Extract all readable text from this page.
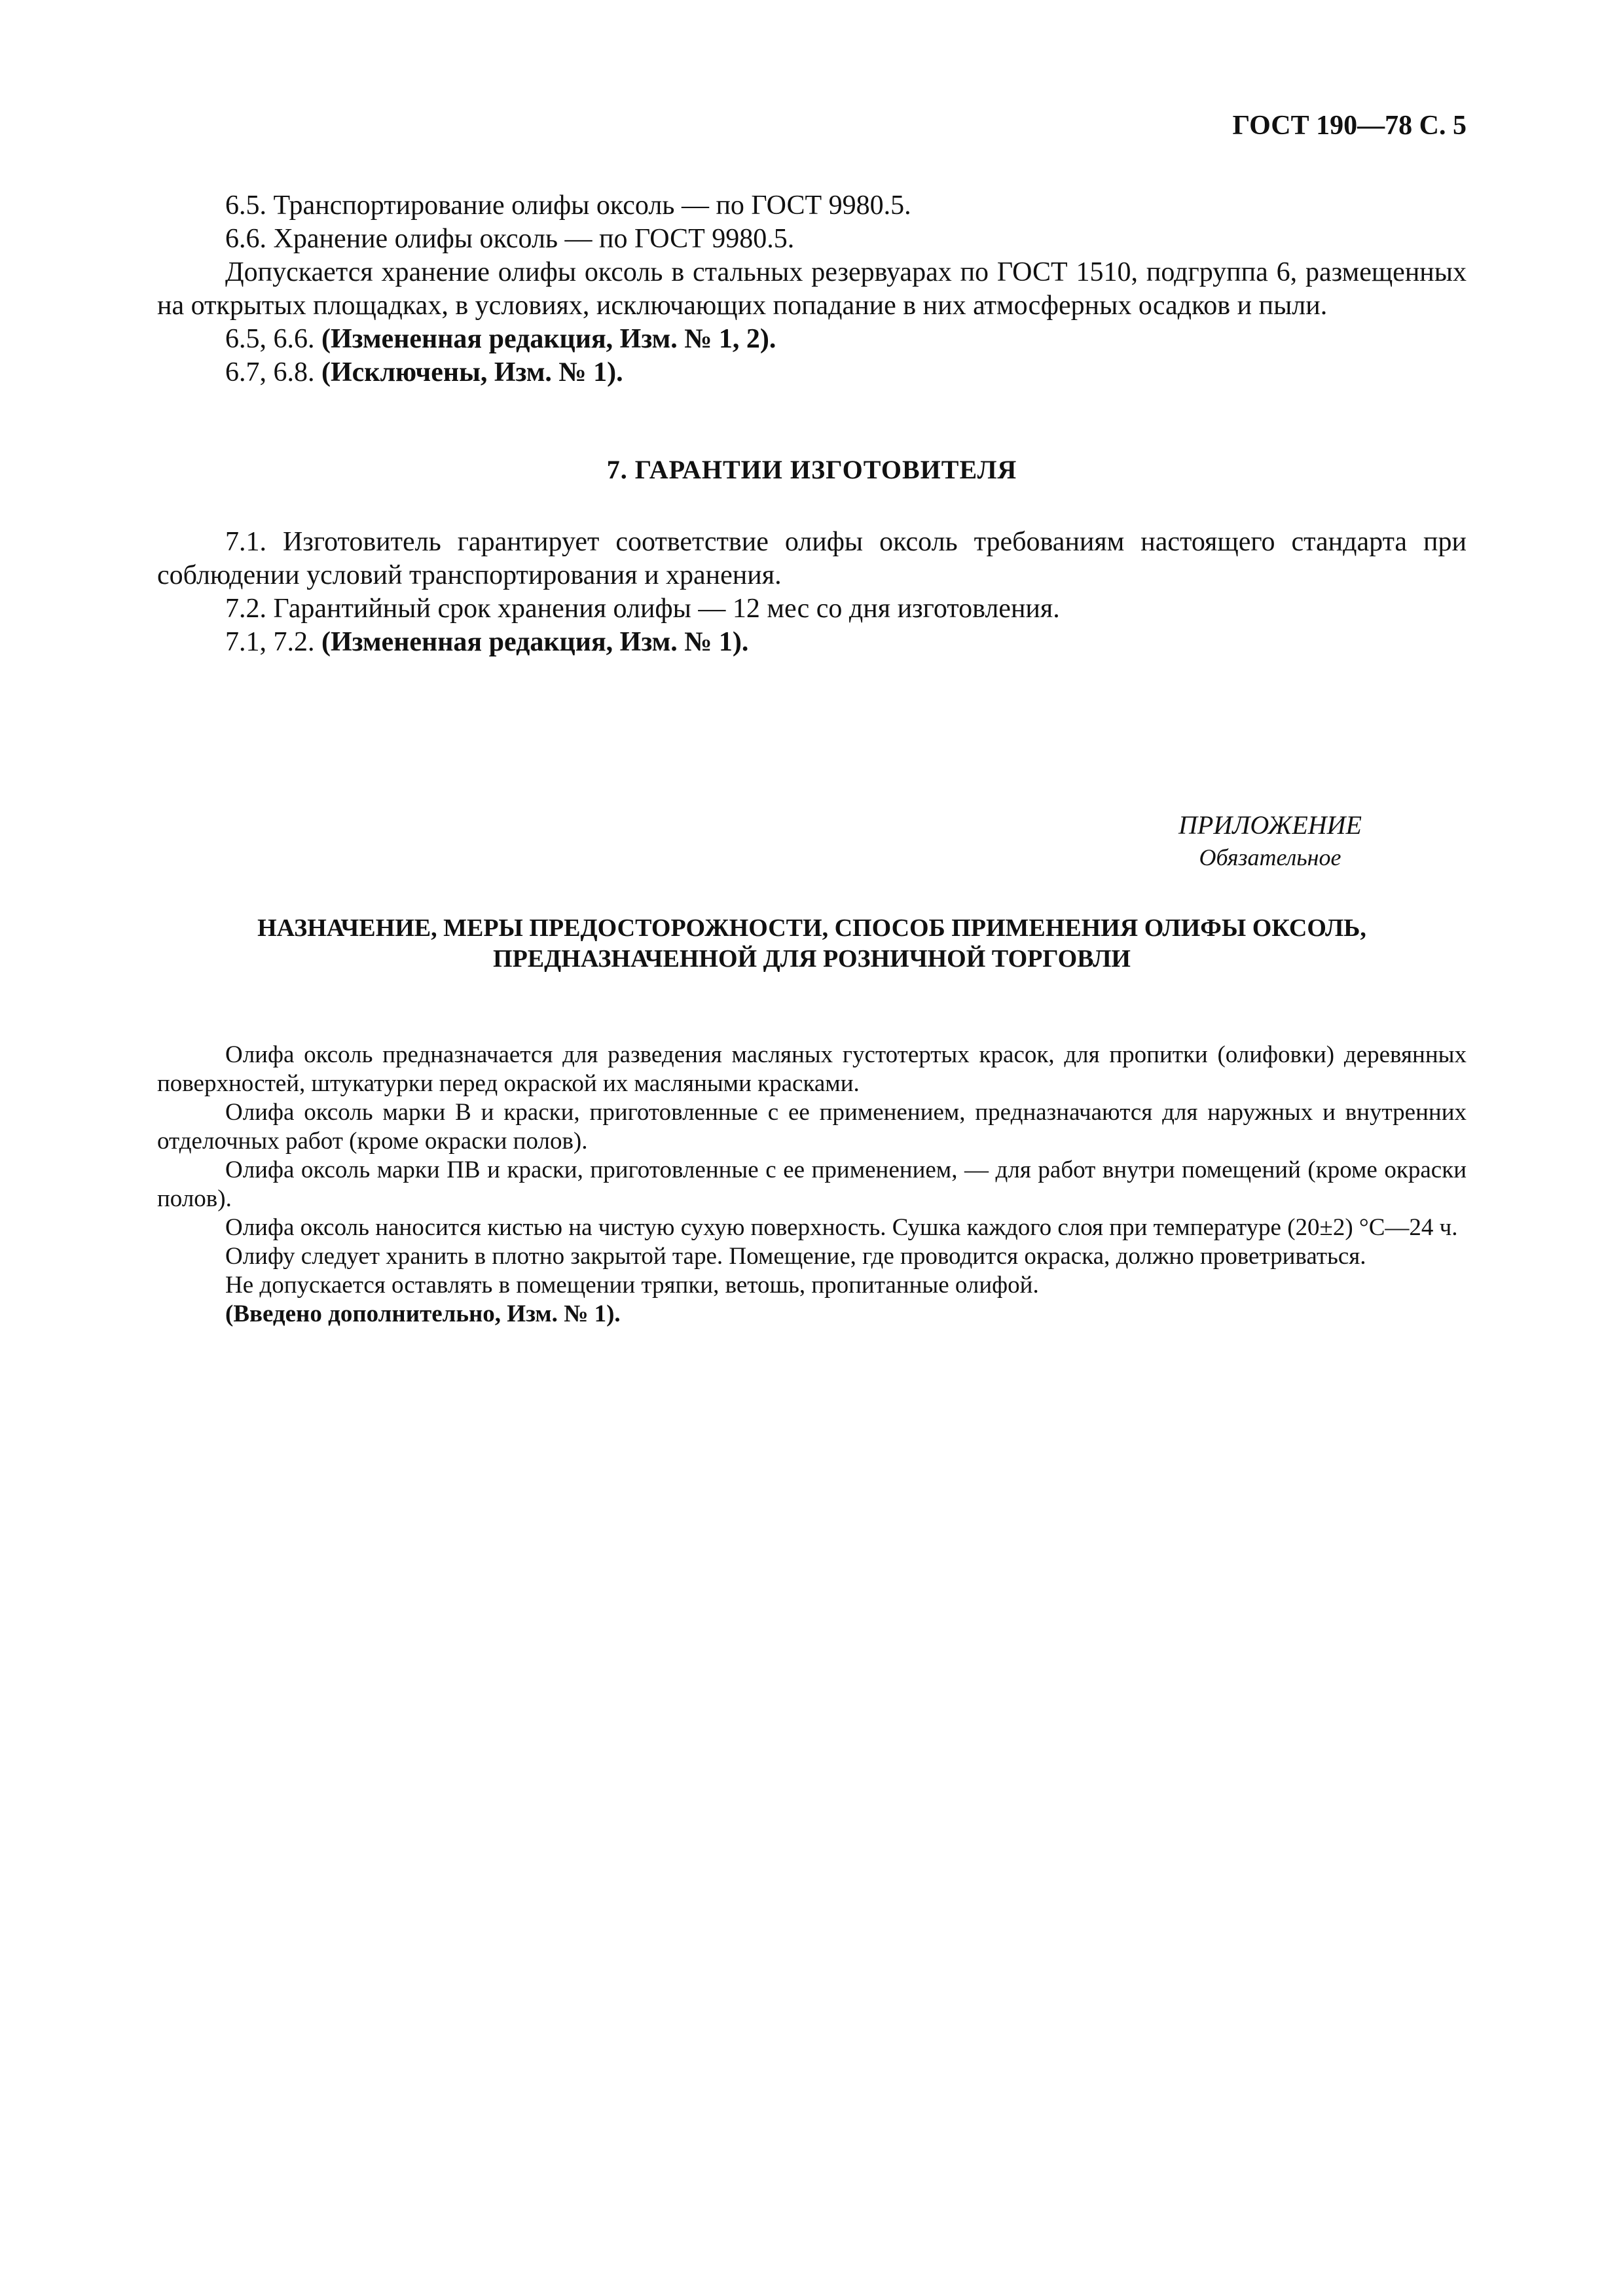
ГОСТ 190—78 С. 5

6.5. Транспортирование олифы оксоль — по ГОСТ 9980.5.

6.6. Хранение олифы оксоль — по ГОСТ 9980.5.

Допускается хранение олифы оксоль в стальных резервуарах по ГОСТ 1510, подгруппа 6, размещенных на открытых площадках, в условиях, исключающих попадание в них атмосферных осадков и пыли.

6.5, 6.6. (Измененная редакция, Изм. № 1, 2).

6.7, 6.8. (Исключены, Изм. № 1).

7. ГАРАНТИИ ИЗГОТОВИТЕЛЯ

7.1. Изготовитель гарантирует соответствие олифы оксоль требованиям настоящего стандарта при соблюдении условий транспортирования и хранения.

7.2. Гарантийный срок хранения олифы — 12 мес со дня изготовления.

7.1, 7.2. (Измененная редакция, Изм. № 1).

ПРИЛОЖЕНИЕ
Обязательное
НАЗНАЧЕНИЕ, МЕРЫ ПРЕДОСТОРОЖНОСТИ, СПОСОБ ПРИМЕНЕНИЯ ОЛИФЫ ОКСОЛЬ,
ПРЕДНАЗНАЧЕННОЙ ДЛЯ РОЗНИЧНОЙ ТОРГОВЛИ

Олифа оксоль предназначается для разведения масляных густотертых красок, для пропитки (олифовки) деревянных поверхностей, штукатурки перед окраской их масляными красками.

Олифа оксоль марки В и краски, приготовленные с ее применением, предназначаются для наружных и внутренних отделочных работ (кроме окраски полов).

Олифа оксоль марки ПВ и краски, приготовленные с ее применением, — для работ внутри помещений (кроме окраски полов).

Олифа оксоль наносится кистью на чистую сухую поверхность. Сушка каждого слоя при температуре (20±2) °С—24 ч.

Олифу следует хранить в плотно закрытой таре. Помещение, где проводится окраска, должно проветриваться.

Не допускается оставлять в помещении тряпки, ветошь, пропитанные олифой.

(Введено дополнительно, Изм. № 1).
